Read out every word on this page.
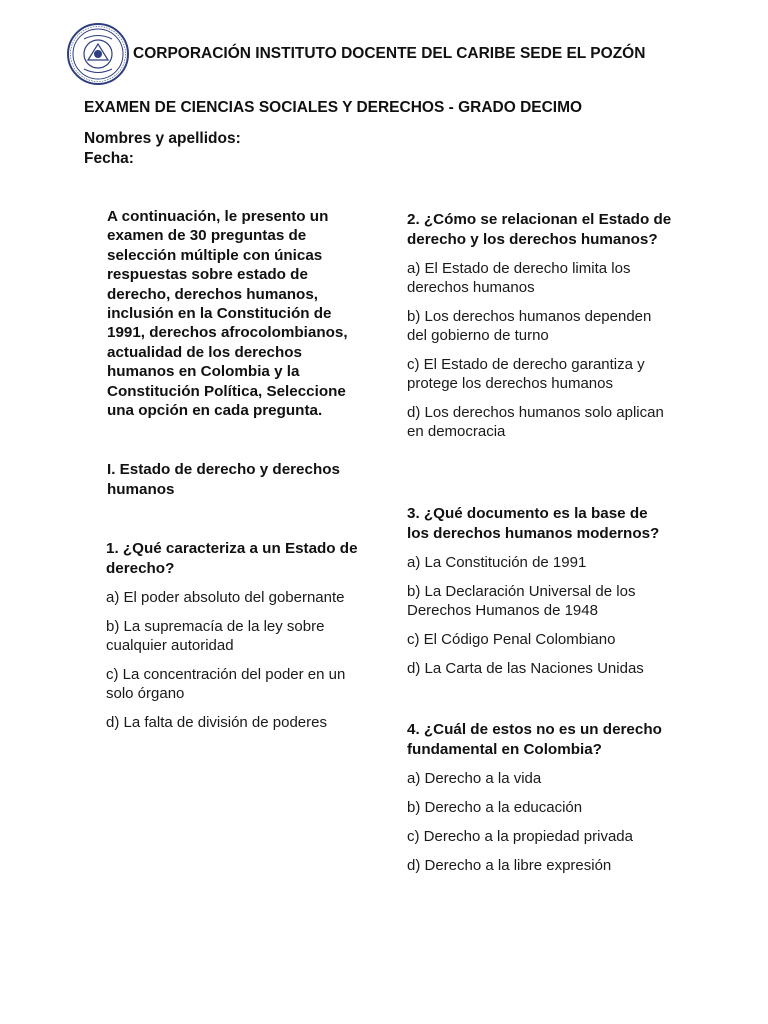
CORPORACIÓN INSTITUTO DOCENTE DEL CARIBE SEDE EL POZÓN
EXAMEN DE CIENCIAS SOCIALES Y DERECHOS - GRADO DECIMO
Nombres y apellidos:
Fecha:
A continuación, le presento un examen de 30 preguntas de selección múltiple con únicas respuestas sobre estado de derecho, derechos humanos, inclusión en la Constitución de 1991, derechos afrocolombianos, actualidad de los derechos humanos en Colombia y la Constitución Política, Seleccione una opción en cada pregunta.
I. Estado de derecho y derechos humanos

1. ¿Qué caracteriza a un Estado de derecho?

a) El poder absoluto del gobernante

b) La supremacía de la ley sobre cualquier autoridad

c) La concentración del poder en un solo órgano

d) La falta de división de poderes

2. ¿Cómo se relacionan el Estado de derecho y los derechos humanos?

a) El Estado de derecho limita los derechos humanos

b) Los derechos humanos dependen del gobierno de turno

c) El Estado de derecho garantiza y protege los derechos humanos

d) Los derechos humanos solo aplican en democracia

3. ¿Qué documento es la base de los derechos humanos modernos?

a) La Constitución de 1991

b) La Declaración Universal de los Derechos Humanos de 1948

c) El Código Penal Colombiano

d) La Carta de las Naciones Unidas

4. ¿Cuál de estos no es un derecho fundamental en Colombia?

a) Derecho a la vida

b) Derecho a la educación

c) Derecho a la propiedad privada

d) Derecho a la libre expresión
